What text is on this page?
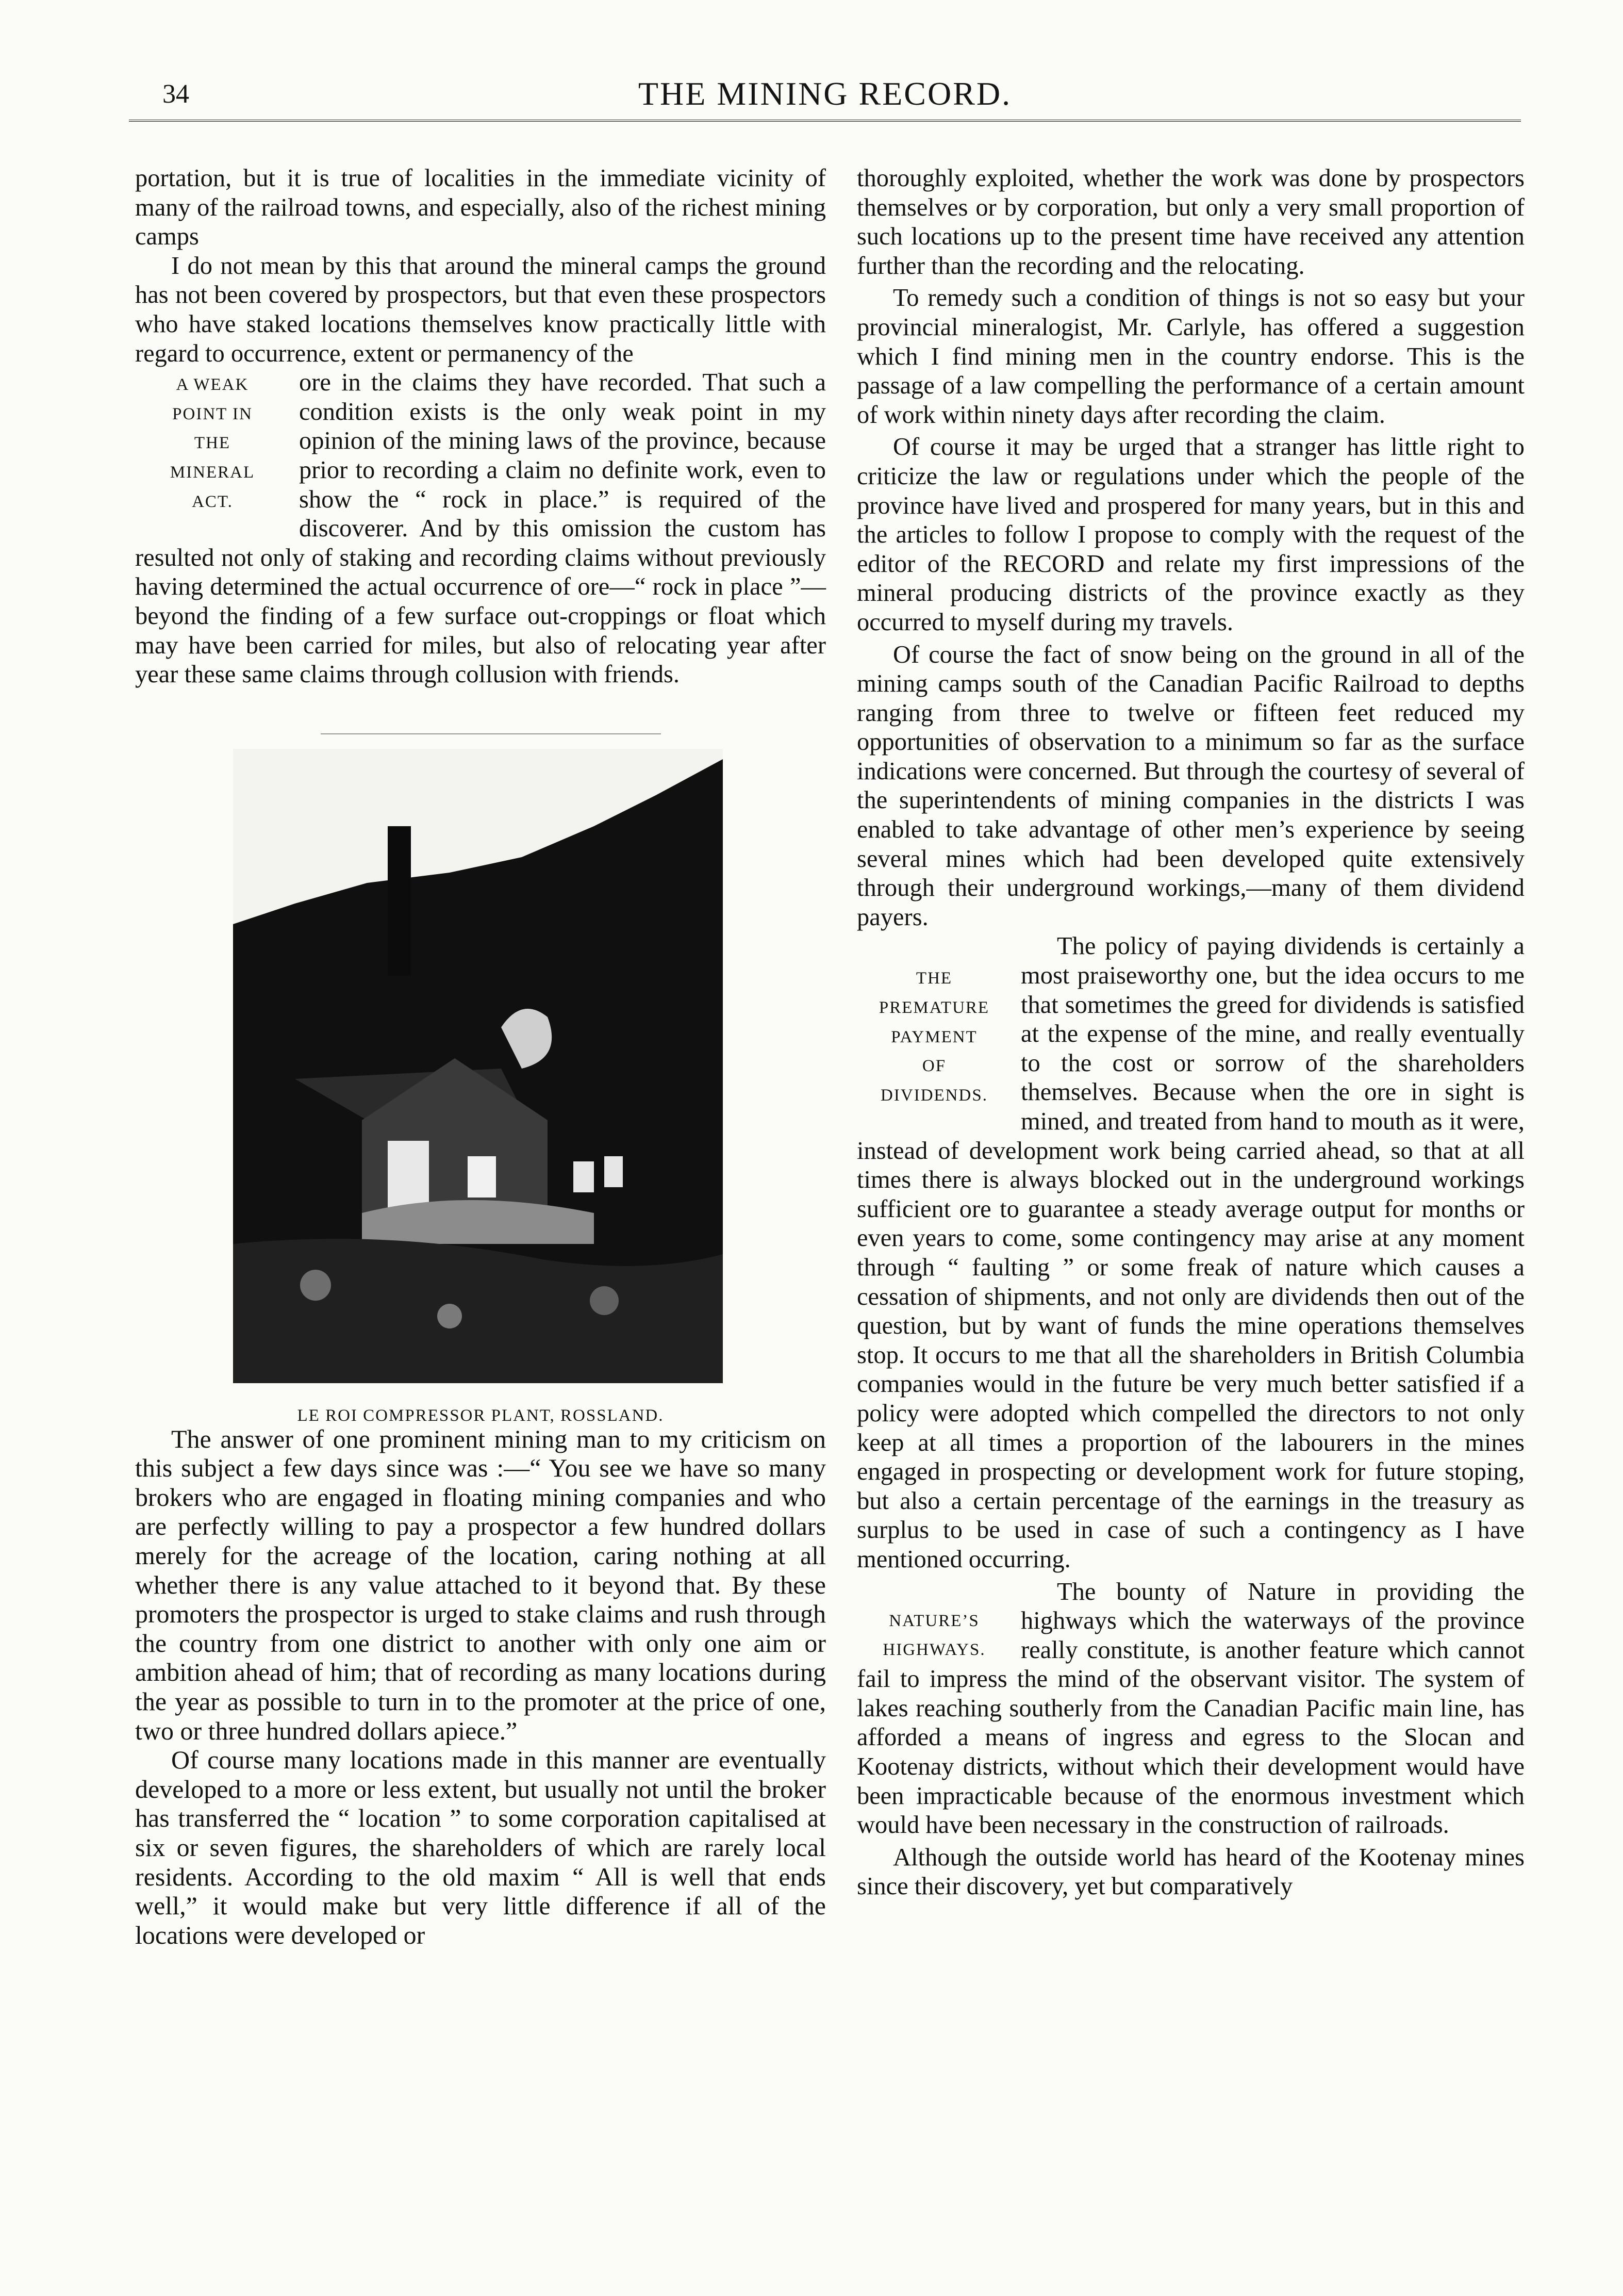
34	THE MINING RECORD.

portation, but it is true of localities in the immediate vicinity of many of the railroad towns, and especially, also of the richest mining camps

I do not mean by this that around the mineral camps the ground has not been covered by prospectors, but that even these prospectors who have staked locations themselves know practically little with regard to occurrence, extent or permanency of the

A WEAK
POINT IN
THE
MINERAL
ACT.

ore in the claims they have recorded. That such a condition exists is the only weak point in my opinion of the mining laws of the province, because prior to recording a claim no definite work, even to show the “ rock in place.” is required of the discoverer. And by this omission the custom has resulted not only of staking and recording claims without previously having determined the actual occurrence of ore—“ rock in place ”—beyond the finding of a few surface out-croppings or float which may have been carried for miles, but also of relocating year after year these same claims through collusion with friends.

LE ROI COMPRESSOR PLANT, ROSSLAND.

The answer of one prominent mining man to my criticism on this subject a few days since was :—“ You see we have so many brokers who are engaged in floating mining companies and who are perfectly willing to pay a prospector a few hundred dollars merely for the acreage of the location, caring nothing at all whether there is any value attached to it beyond that. By these promoters the prospector is urged to stake claims and rush through the country from one district to another with only one aim or ambition ahead of him; that of recording as many locations during the year as possible to turn in to the promoter at the price of one, two or three hundred dollars apiece.”

Of course many locations made in this manner are eventually developed to a more or less extent, but usually not until the broker has transferred the “ location ” to some corporation capitalised at six or seven figures, the shareholders of which are rarely local residents. According to the old maxim “ All is well that ends well,” it would make but very little difference if all of the locations were developed or

thoroughly exploited, whether the work was done by prospectors themselves or by corporation, but only a very small proportion of such locations up to the present time have received any attention further than the recording and the relocating.

To remedy such a condition of things is not so easy but your provincial mineralogist, Mr. Carlyle, has offered a suggestion which I find mining men in the country endorse. This is the passage of a law compelling the performance of a certain amount of work within ninety days after recording the claim.

Of course it may be urged that a stranger has little right to criticize the law or regulations under which the people of the province have lived and prospered for many years, but in this and the articles to follow I propose to comply with the request of the editor of the RECORD and relate my first impressions of the mineral producing districts of the province exactly as they occurred to myself during my travels.

Of course the fact of snow being on the ground in all of the mining camps south of the Canadian Pacific Railroad to depths ranging from three to twelve or fifteen feet reduced my opportunities of observation to a minimum so far as the surface indications were concerned. But through the courtesy of several of the superintendents of mining companies in the districts I was enabled to take advantage of other men’s experience by seeing several mines which had been developed quite extensively through their underground workings,—many of them dividend payers.

THE
PREMATURE
PAYMENT
OF
DIVIDENDS.

The policy of paying dividends is certainly a most praiseworthy one, but the idea occurs to me that sometimes the greed for dividends is satisfied at the expense of the mine, and really eventually to the cost or sorrow of the shareholders themselves. Because when the ore in sight is mined, and treated from hand to mouth as it were, instead of development work being carried ahead, so that at all times there is always blocked out in the underground workings sufficient ore to guarantee a steady average output for months or even years to come, some contingency may arise at any moment through “ faulting ” or some freak of nature which causes a cessation of shipments, and not only are dividends then out of the question, but by want of funds the mine operations themselves stop. It occurs to me that all the shareholders in British Columbia companies would in the future be very much better satisfied if a policy were adopted which compelled the directors to not only keep at all times a proportion of the labourers in the mines engaged in prospecting or development work for future stoping, but also a certain percentage of the earnings in the treasury as surplus to be used in case of such a contingency as I have mentioned occurring.

NATURE’S
HIGHWAYS.

The bounty of Nature in providing the highways which the waterways of the province really constitute, is another feature which cannot fail to impress the mind of the observant visitor. The system of lakes reaching southerly from the Canadian Pacific main line, has afforded a means of ingress and egress to the Slocan and Kootenay districts, without which their development would have been impracticable because of the enormous investment which would have been necessary in the construction of railroads.

Although the outside world has heard of the Kootenay mines since their discovery, yet but comparatively
